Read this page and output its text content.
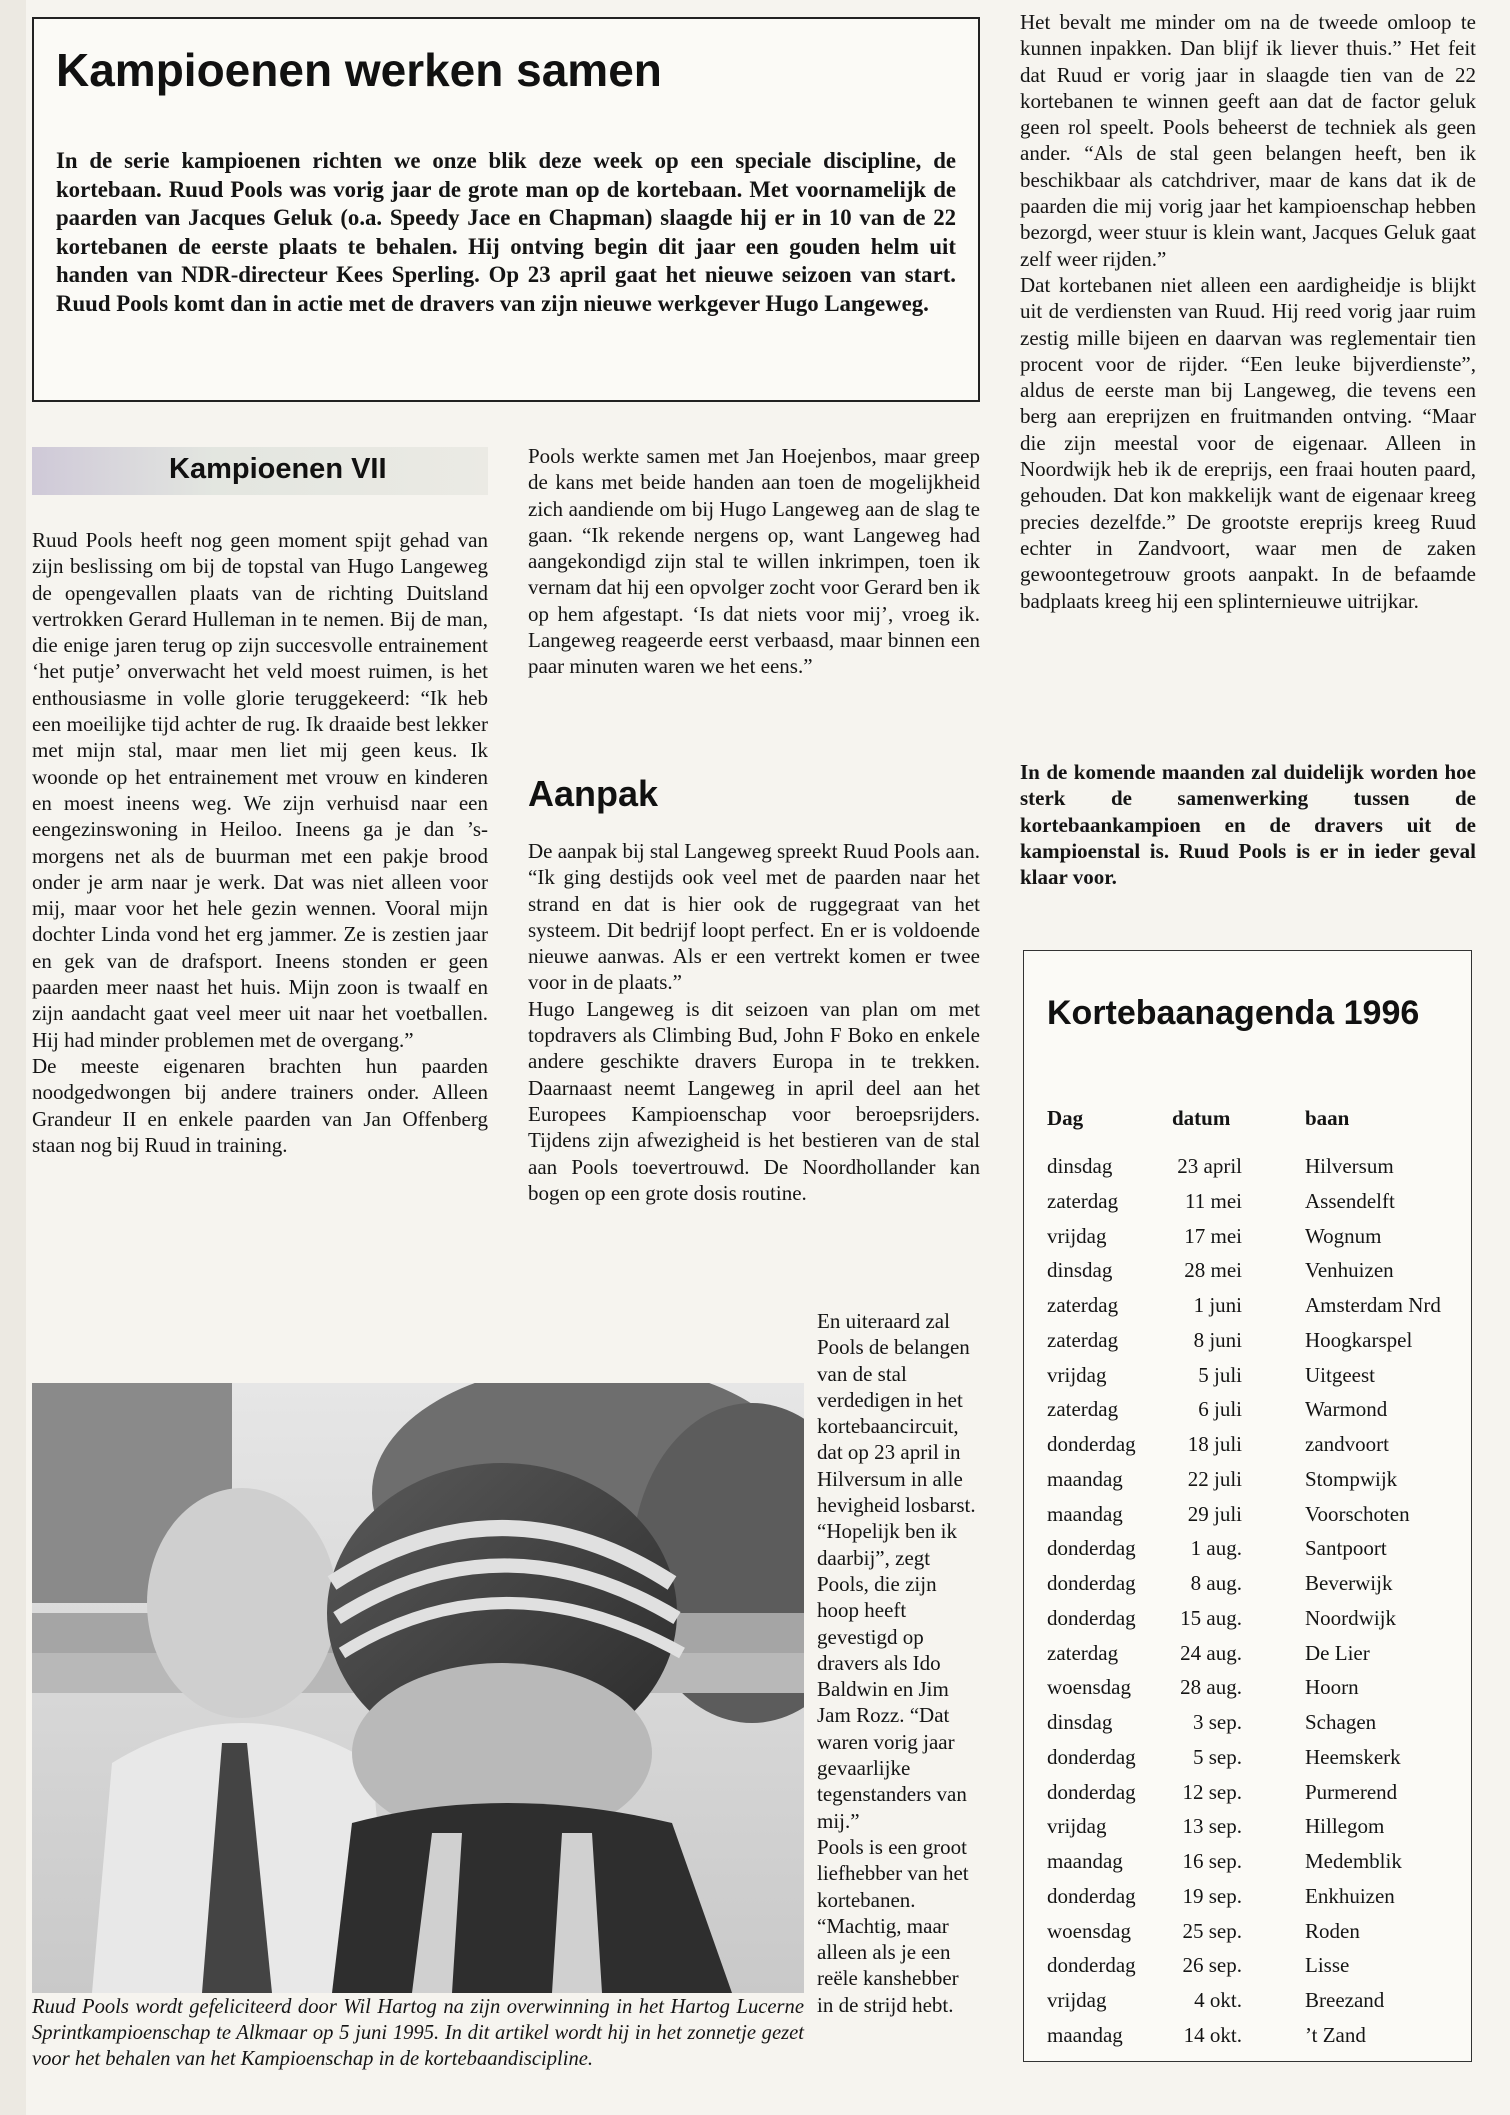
Kampioenen werken samen

In de serie kampioenen richten we onze blik deze week op een speciale discipline, de kortebaan. Ruud Pools was vorig jaar de grote man op de kortebaan. Met voornamelijk de paarden van Jacques Geluk (o.a. Speedy Jace en Chapman) slaagde hij er in 10 van de 22 kortebanen de eerste plaats te behalen. Hij ontving begin dit jaar een gouden helm uit handen van NDR-directeur Kees Sperling. Op 23 april gaat het nieuwe seizoen van start. Ruud Pools komt dan in actie met de dravers van zijn nieuwe werkgever Hugo Langeweg.

Kampioenen VII

Ruud Pools heeft nog geen moment spijt gehad van zijn beslissing om bij de topstal van Hugo Langeweg de opengevallen plaats van de richting Duitsland vertrokken Gerard Hulleman in te nemen. Bij de man, die enige jaren terug op zijn succesvolle entrainement ‘het putje’ onverwacht het veld moest ruimen, is het enthousiasme in volle glorie teruggekeerd: “Ik heb een moeilijke tijd achter de rug. Ik draaide best lekker met mijn stal, maar men liet mij geen keus. Ik woonde op het entrainement met vrouw en kinderen en moest ineens weg. We zijn verhuisd naar een eengezinswoning in Heiloo. Ineens ga je dan ’s-morgens net als de buurman met een pakje brood onder je arm naar je werk. Dat was niet alleen voor mij, maar voor het hele gezin wennen. Vooral mijn dochter Linda vond het erg jammer. Ze is zestien jaar en gek van de drafsport. Ineens stonden er geen paarden meer naast het huis. Mijn zoon is twaalf en zijn aandacht gaat veel meer uit naar het voetballen. Hij had minder problemen met de overgang.”

De meeste eigenaren brachten hun paarden noodgedwongen bij andere trainers onder. Alleen Grandeur II en enkele paarden van Jan Offenberg staan nog bij Ruud in training.

Pools werkte samen met Jan Hoejenbos, maar greep de kans met beide handen aan toen de mogelijkheid zich aandiende om bij Hugo Langeweg aan de slag te gaan. “Ik rekende nergens op, want Langeweg had aangekondigd zijn stal te willen inkrimpen, toen ik vernam dat hij een opvolger zocht voor Gerard ben ik op hem afgestapt. ‘Is dat niets voor mij’, vroeg ik. Langeweg reageerde eerst verbaasd, maar binnen een paar minuten waren we het eens.”

Aanpak

De aanpak bij stal Langeweg spreekt Ruud Pools aan. “Ik ging destijds ook veel met de paarden naar het strand en dat is hier ook de ruggegraat van het systeem. Dit bedrijf loopt perfect. En er is voldoende nieuwe aanwas. Als er een vertrekt komen er twee voor in de plaats.”

Hugo Langeweg is dit seizoen van plan om met topdravers als Climbing Bud, John F Boko en enkele andere geschikte dravers Europa in te trekken. Daarnaast neemt Langeweg in april deel aan het Europees Kampioenschap voor beroepsrijders. Tijdens zijn afwezigheid is het bestieren van de stal aan Pools toevertrouwd. De Noordhollander kan bogen op een grote dosis routine.

En uiteraard zal Pools de belangen van de stal verdedigen in het kortebaancircuit, dat op 23 april in Hilversum in alle hevigheid losbarst. “Hopelijk ben ik daarbij”, zegt Pools, die zijn hoop heeft gevestigd op dravers als Ido Baldwin en Jim Jam Rozz. “Dat waren vorig jaar gevaarlijke tegenstanders van mij.”

Pools is een groot liefhebber van het kortebanen. “Machtig, maar alleen als je een reële kanshebber in de strijd hebt.

Het bevalt me minder om na de tweede omloop te kunnen inpakken. Dan blijf ik liever thuis.” Het feit dat Ruud er vorig jaar in slaagde tien van de 22 kortebanen te winnen geeft aan dat de factor geluk geen rol speelt. Pools beheerst de techniek als geen ander. “Als de stal geen belangen heeft, ben ik beschikbaar als catchdriver, maar de kans dat ik de paarden die mij vorig jaar het kampioenschap hebben bezorgd, weer stuur is klein want, Jacques Geluk gaat zelf weer rijden.”

Dat kortebanen niet alleen een aardigheidje is blijkt uit de verdiensten van Ruud. Hij reed vorig jaar ruim zestig mille bijeen en daarvan was reglementair tien procent voor de rijder. “Een leuke bijverdienste”, aldus de eerste man bij Langeweg, die tevens een berg aan ereprijzen en fruitmanden ontving. “Maar die zijn meestal voor de eigenaar. Alleen in Noordwijk heb ik de ereprijs, een fraai houten paard, gehouden. Dat kon makkelijk want de eigenaar kreeg precies dezelfde.” De grootste ereprijs kreeg Ruud echter in Zandvoort, waar men de zaken gewoontegetrouw groots aanpakt. In de befaamde badplaats kreeg hij een splinternieuwe uitrijkar.

In de komende maanden zal duidelijk worden hoe sterk de samenwerking tussen de kortebaankampioen en de dravers uit de kampioenstal is. Ruud Pools is er in ieder geval klaar voor.

Ruud Pools wordt gefeliciteerd door Wil Hartog na zijn overwinning in het Hartog Lucerne Sprintkampioenschap te Alkmaar op 5 juni 1995. In dit artikel wordt hij in het zonnetje gezet voor het behalen van het Kampioenschap in de kortebaandiscipline.

Kortebaanagenda 1996
Dag	datum	baan
dinsdag	23 april	Hilversum
zaterdag	11 mei	Assendelft
vrijdag	17 mei	Wognum
dinsdag	28 mei	Venhuizen
zaterdag	1 juni	Amsterdam Nrd
zaterdag	8 juni	Hoogkarspel
vrijdag	5 juli	Uitgeest
zaterdag	6 juli	Warmond
donderdag	18 juli	zandvoort
maandag	22 juli	Stompwijk
maandag	29 juli	Voorschoten
donderdag	1 aug.	Santpoort
donderdag	8 aug.	Beverwijk
donderdag	15 aug.	Noordwijk
zaterdag	24 aug.	De Lier
woensdag	28 aug.	Hoorn
dinsdag	3 sep.	Schagen
donderdag	5 sep.	Heemskerk
donderdag	12 sep.	Purmerend
vrijdag	13 sep.	Hillegom
maandag	16 sep.	Medemblik
donderdag	19 sep.	Enkhuizen
woensdag	25 sep.	Roden
donderdag	26 sep.	Lisse
vrijdag	4 okt.	Breezand
maandag	14 okt.	’t Zand
